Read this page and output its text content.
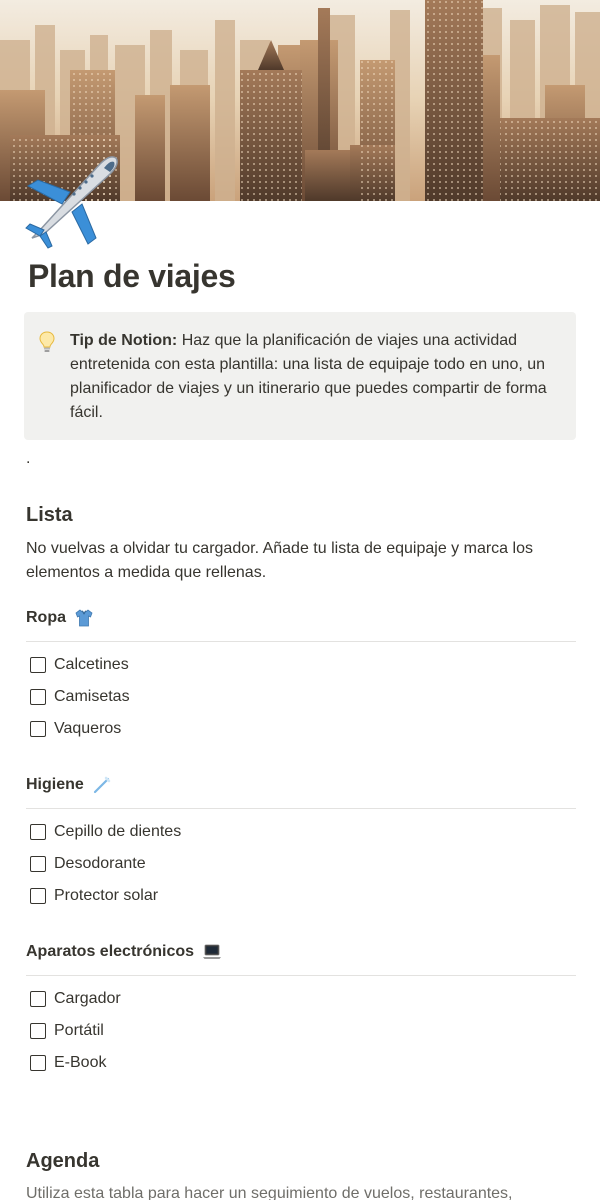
Plan de viajes
Tip de Notion: Haz que la planificación de viajes una actividad entretenida con esta plantilla: una lista de equipaje todo en uno, un planificador de viajes y un itinerario que puedes compartir de forma fácil.
.
Lista

No vuelvas a olvidar tu cargador. Añade tu lista de equipaje y marca los elementos a medida que rellenas.

Ropa
Calcetines
Camisetas
Vaqueros
Higiene
Cepillo de dientes
Desodorante
Protector solar
Aparatos electrónicos
Cargador
Portátil
E-Book
Agenda

Utiliza esta tabla para hacer un seguimiento de vuelos, restaurantes,
